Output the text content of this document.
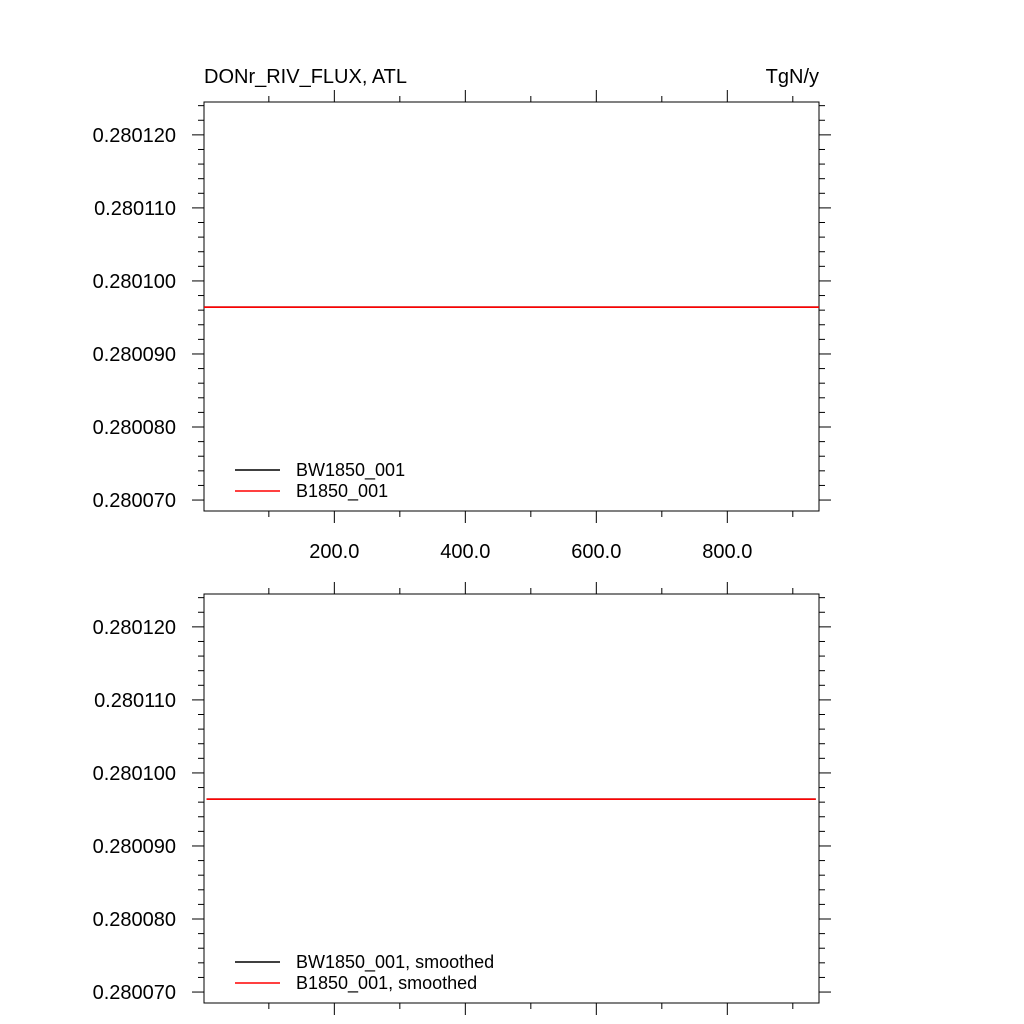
DONr_RIV_FLUX, ATL	TgN/y
0.280070
0.280080
0.280090
0.280100
0.280110
0.280120
200.0	400.0	600.0	800.0
BW1850_001
B1850_001
0.280070
0.280080
0.280090
0.280100
0.280110
0.280120
BW1850_001, smoothed
B1850_001, smoothed
